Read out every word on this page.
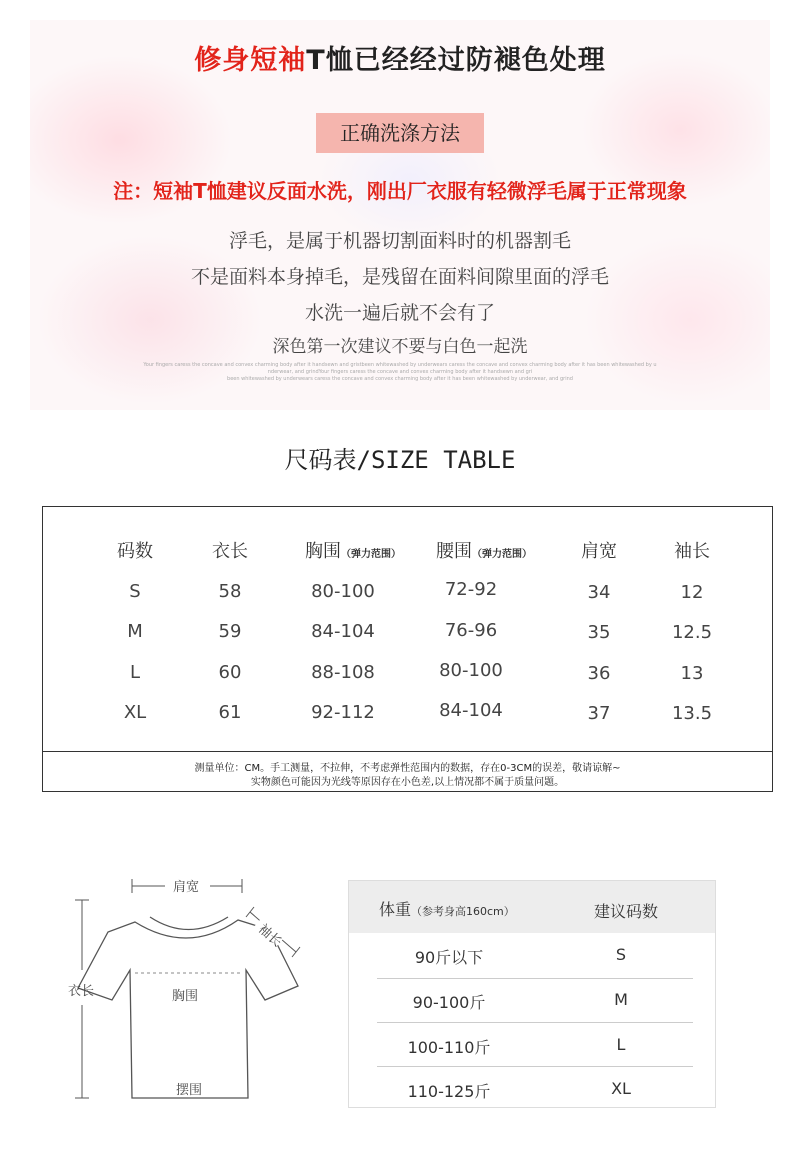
修身短袖T恤已经经过防褪色处理
正确洗涤方法
注：短袖T恤建议反面水洗，刚出厂衣服有轻微浮毛属于正常现象
浮毛，是属于机器切割面料时的机器割毛
不是面料本身掉毛，是残留在面料间隙里面的浮毛
水洗一遍后就不会有了
深色第一次建议不要与白色一起洗
Your fingers caress the concave and convex charming body after it handsewn and gristbeen whitewashed by underwears caress the concave and convex charming body after it has been whitewashed by u
nderwear, and grindYour fingers caress the concave and convex charming body after it handsewn and gri
been whitewashed by underwears caress the concave and convex charming body after it has been whitewashed by underwear, and grind
尺码表/SIZE TABLE
码数	衣长	胸围（弹力范围）	腰围（弹力范围）	肩宽	袖长
S	58	80-100	72-92	34	12
M	59	84-104	76-96	35	12.5
L	60	88-108	80-100	36	13
XL	61	92-112	84-104	37	13.5
测量单位：CM。手工测量，不拉伸，不考虑弹性范围内的数据，存在0-3CM的误差，敬请谅解~
实物颜色可能因为光线等原因存在小色差,以上情况都不属于质量问题。
肩宽
袖长
衣长	胸围
摆围
体重（参考身高160cm）	建议码数
90斤以下	S
90-100斤	M
100-110斤	L
110-125斤	XL
